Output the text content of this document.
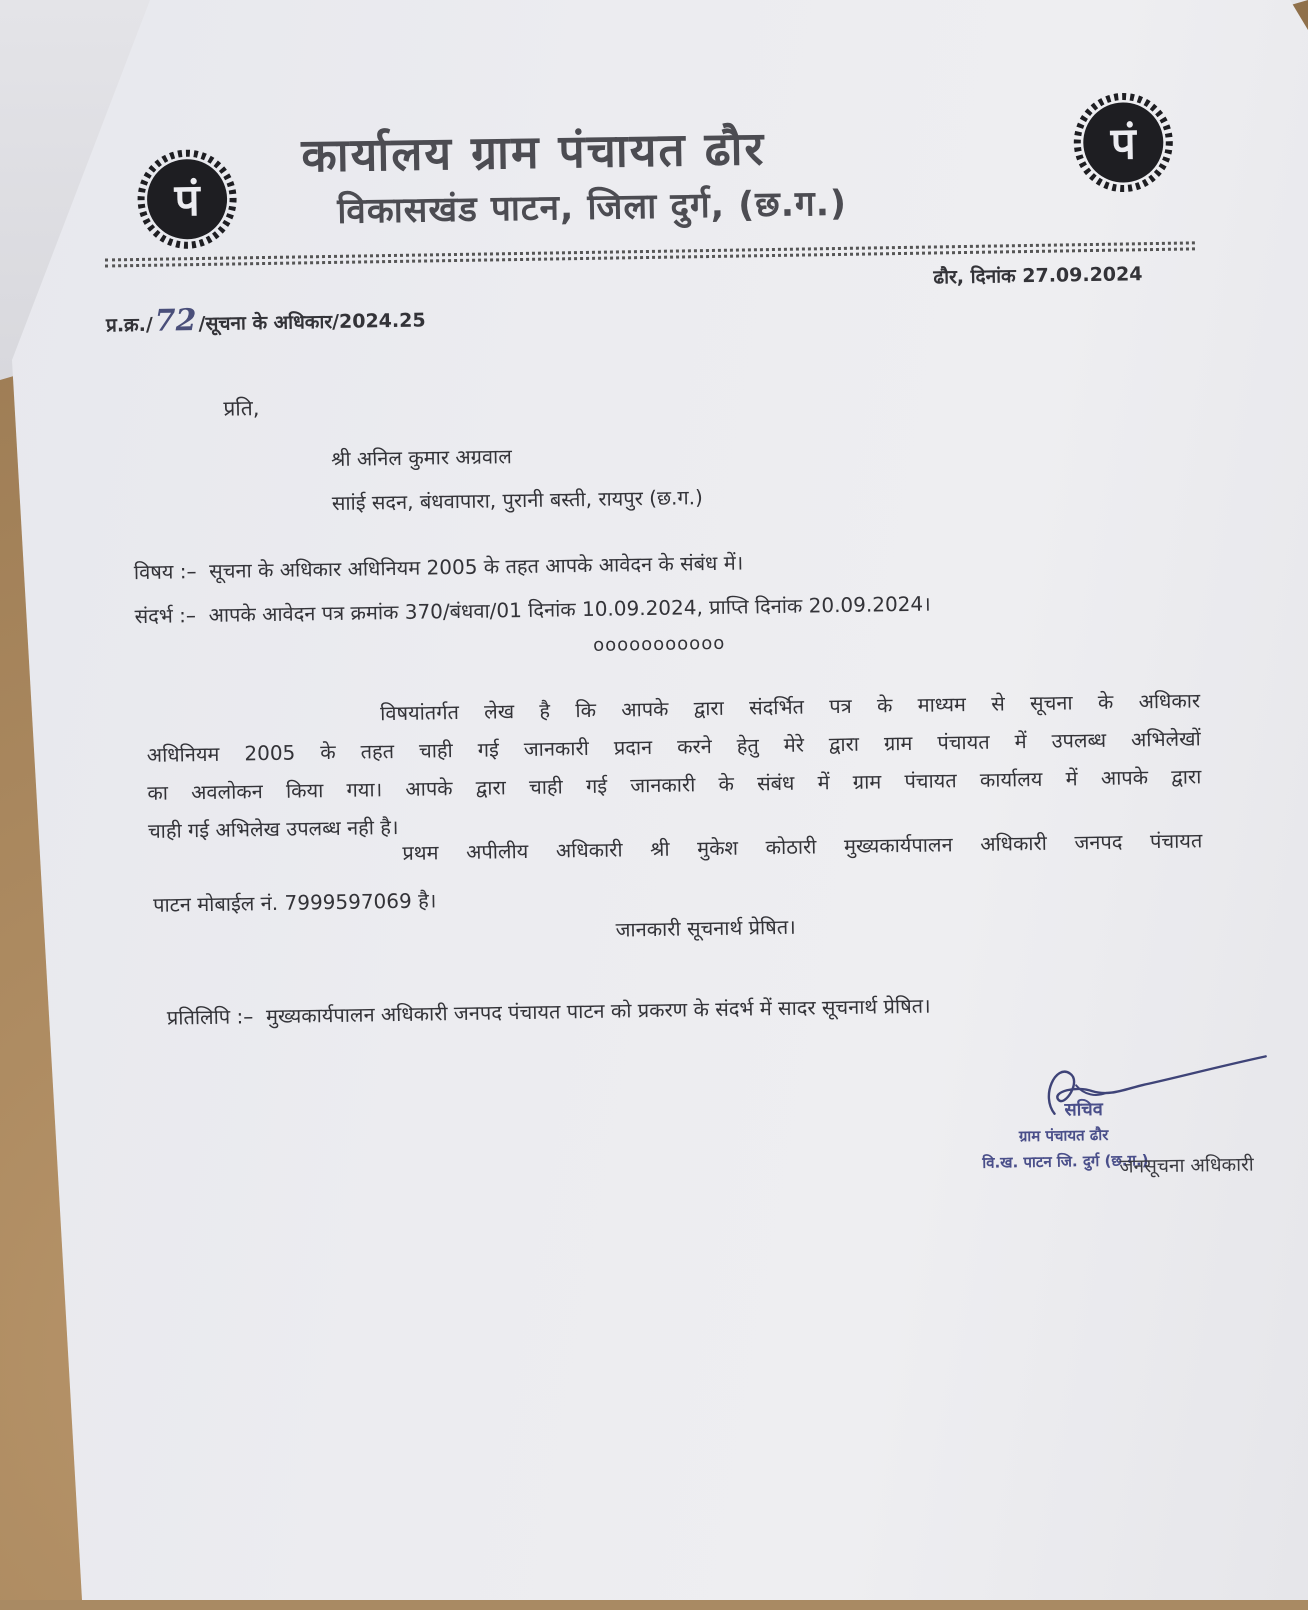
पं
पं
कार्यालय ग्राम पंचायत ढौर
विकासखंड पाटन, जिला दुर्ग, (छ.ग.)
ढौर, दिनांक 27.09.2024
प्र.क्र./72/सूचना के अधिकार/2024.25
प्रति,
श्री अनिल कुमार अग्रवाल
साांई सदन, बंधवापारा, पुरानी बस्ती, रायपुर (छ.ग.)
विषय :– सूचना के अधिकार अधिनियम 2005 के तहत आपके आवेदन के संबंध में।
संदर्भ :– आपके आवेदन पत्र क्रमांक 370/बंधवा/01 दिनांक 10.09.2024, प्राप्ति दिनांक 20.09.2024।
ooooooooooo
विषयांतर्गत लेख है कि आपके द्वारा संदर्भित पत्र के माध्यम से सूचना के अधिकार
अधिनियम 2005 के तहत चाही गई जानकारी प्रदान करने हेतु मेरे द्वारा ग्राम पंचायत में उपलब्ध अभिलेखों
का अवलोकन किया गया। आपके द्वारा चाही गई जानकारी के संबंध में ग्राम पंचायत कार्यालय में आपके द्वारा
चाही गई अभिलेख उपलब्ध नही है। प्रथम अपीलीय अधिकारी श्री मुकेश कोठारी मुख्यकार्यपालन अधिकारी जनपद पंचायत
पाटन मोबाईल नं. 7999597069 है।
जानकारी सूचनार्थ प्रेषित।
प्रतिलिपि :– मुख्यकार्यपालन अधिकारी जनपद पंचायत पाटन को प्रकरण के संदर्भ में सादर सूचनार्थ प्रेषित।
सचिव
ग्राम पंचायत ढौर
वि.ख. पाटन जि. दुर्ग (छ.ग.)
जनसूचना अधिकारी
